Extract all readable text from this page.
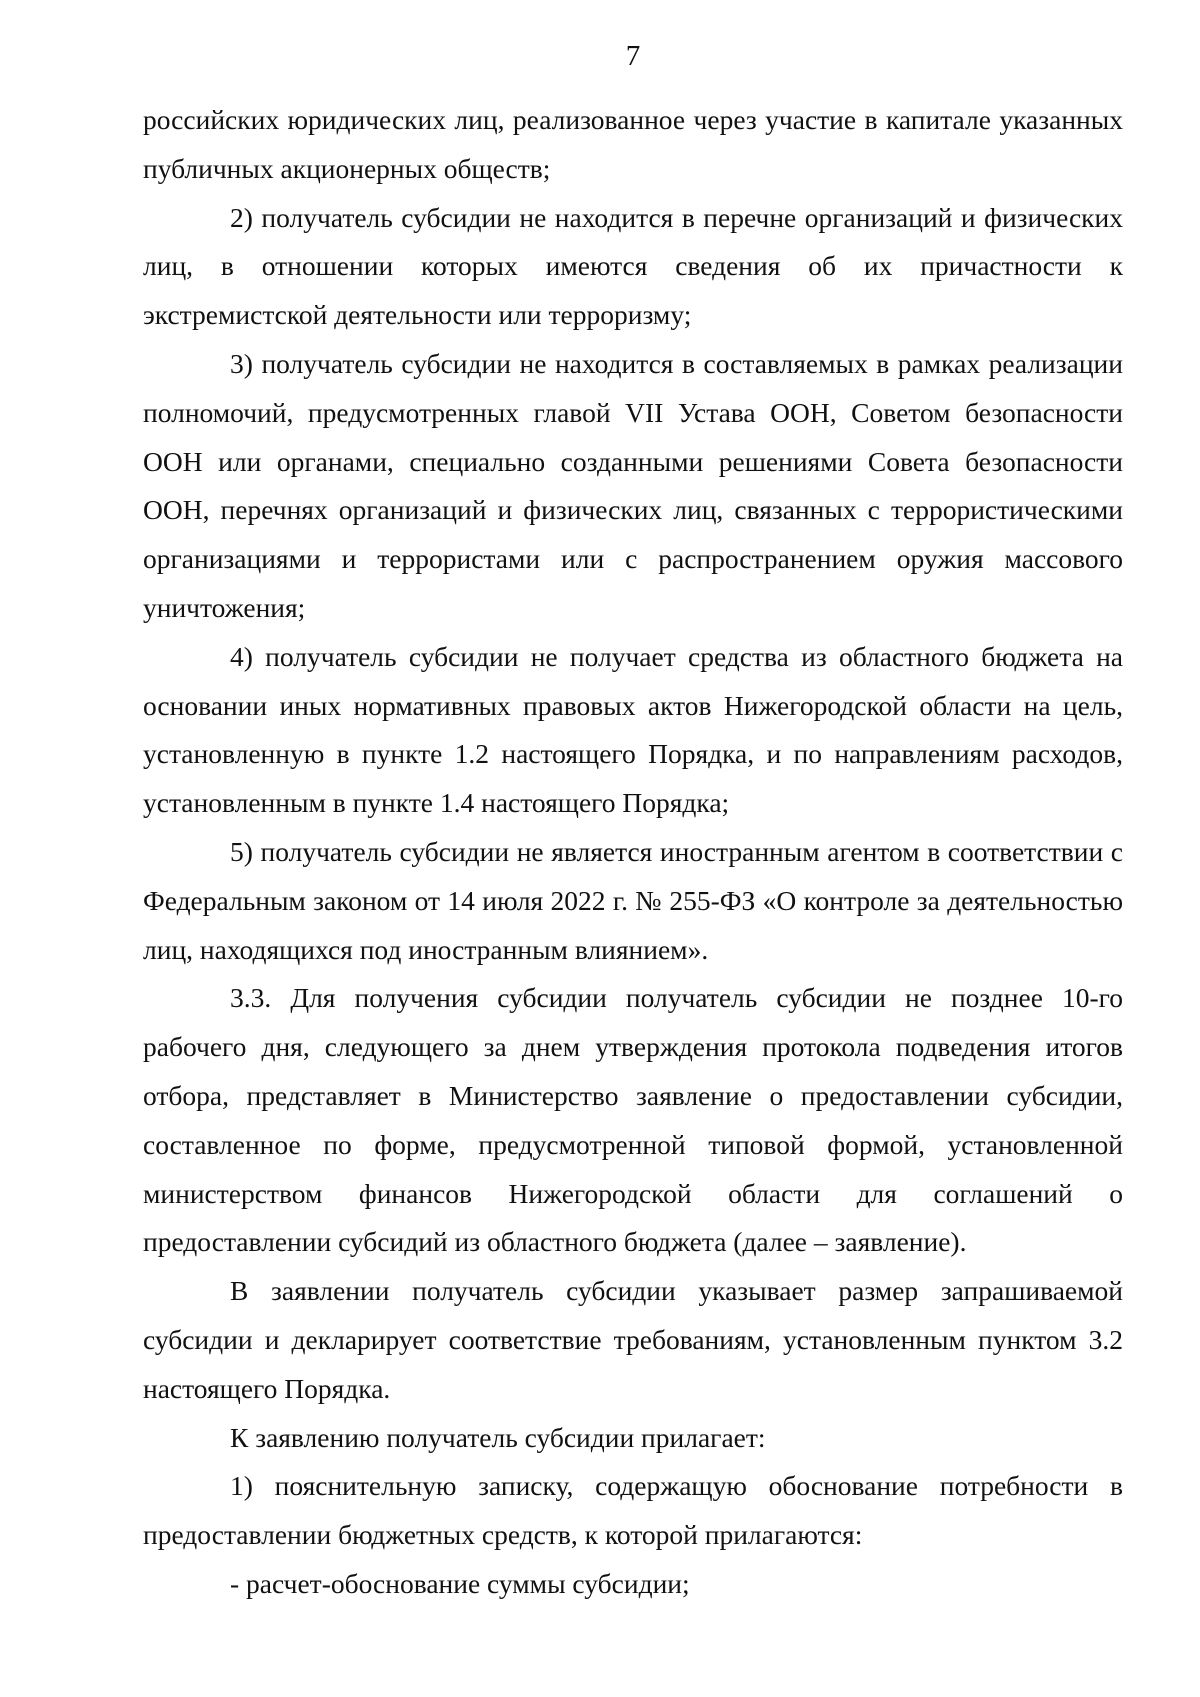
7

российских юридических лиц, реализованное через участие в капитале указанных публичных акционерных обществ;

2) получатель субсидии не находится в перечне организаций и физических лиц, в отношении которых имеются сведения об их причастности к экстремистской деятельности или терроризму;

3) получатель субсидии не находится в составляемых в рамках реализации полномочий, предусмотренных главой VII Устава ООН, Советом безопасности ООН или органами, специально созданными решениями Совета безопасности ООН, перечнях организаций и физических лиц, связанных с террористическими организациями и террористами или с распространением оружия массового уничтожения;

4) получатель субсидии не получает средства из областного бюджета на основании иных нормативных правовых актов Нижегородской области на цель, установленную в пункте 1.2 настоящего Порядка, и по направлениям расходов, установленным в пункте 1.4 настоящего Порядка;

5) получатель субсидии не является иностранным агентом в соответствии с Федеральным законом от 14 июля 2022 г. № 255-ФЗ «О контроле за деятельностью лиц, находящихся под иностранным влиянием».

3.3. Для получения субсидии получатель субсидии не позднее 10-го рабочего дня, следующего за днем утверждения протокола подведения итогов отбора, представляет в Министерство заявление о предоставлении субсидии, составленное по форме, предусмотренной типовой формой, установленной министерством финансов Нижегородской области для соглашений о предоставлении субсидий из областного бюджета (далее – заявление).

В заявлении получатель субсидии указывает размер запрашиваемой субсидии и декларирует соответствие требованиям, установленным пунктом 3.2 настоящего Порядка.

К заявлению получатель субсидии прилагает:

1) пояснительную записку, содержащую обоснование потребности в предоставлении бюджетных средств, к которой прилагаются:

- расчет-обоснование суммы субсидии;
